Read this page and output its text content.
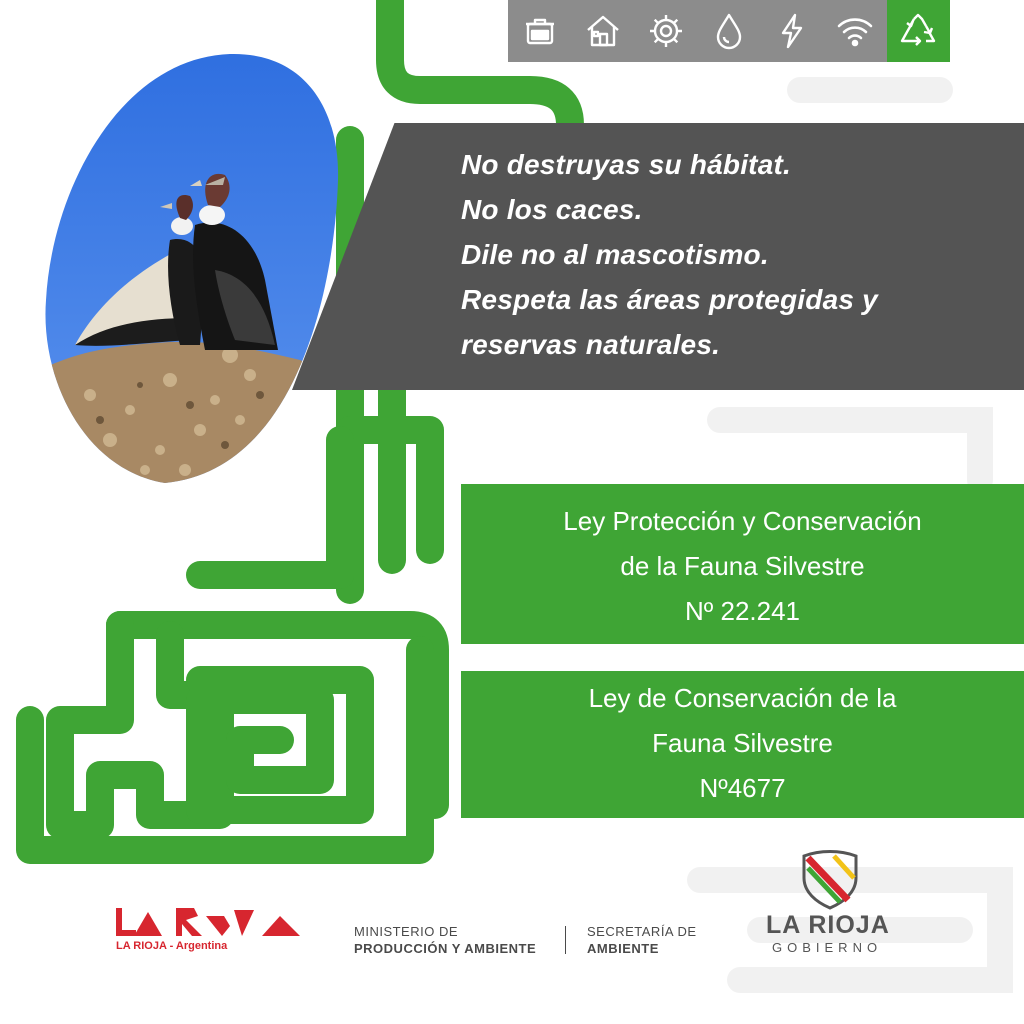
No destruyas su hábitat.
No los caces.
Dile no al mascotismo.
Respeta las áreas protegidas y
reservas naturales.
Ley Protección y Conservación
de la Fauna Silvestre
Nº 22.241
Ley de Conservación de la
Fauna Silvestre
Nº4677
LA RIOJA - Argentina
MINISTERIO DE
PRODUCCIÓN Y AMBIENTE
SECRETARÍA DE
AMBIENTE
LA RIOJA
GOBIERNO
